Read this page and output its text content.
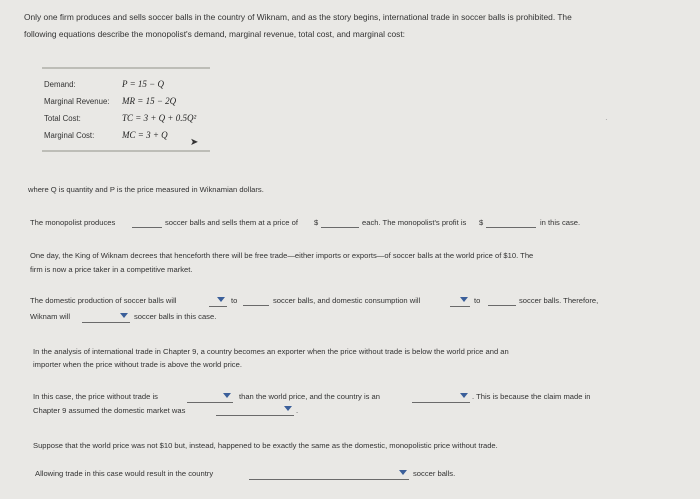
Only one firm produces and sells soccer balls in the country of Wiknam, and as the story begins, international trade in soccer balls is prohibited. The
following equations describe the monopolist's demand, marginal revenue, total cost, and marginal cost:
Demand:	P = 15 − Q
Marginal Revenue: MR = 15 − 2Q
Total Cost:	TC = 3 + Q + 0.5Q²
Marginal Cost:	MC = 3 + Q
➤
where Q is quantity and P is the price measured in Wiknamian dollars.
The monopolist produces	soccer balls and sells them at a price of $	each. The monopolist's profit is $	in this case.
One day, the King of Wiknam decrees that henceforth there will be free trade—either imports or exports—of soccer balls at the world price of $10. The
firm is now a price taker in a competitive market.
The domestic production of soccer balls will	to	soccer balls, and domestic consumption will	to	soccer balls. Therefore,
Wiknam will	soccer balls in this case.
In the analysis of international trade in Chapter 9, a country becomes an exporter when the price without trade is below the world price and an
importer when the price without trade is above the world price.
In this case, the price without trade is	than the world price, and the country is an	. This is because the claim made in
Chapter 9 assumed the domestic market was	.
Suppose that the world price was not $10 but, instead, happened to be exactly the same as the domestic, monopolistic price without trade.
Allowing trade in this case would result in the country	soccer balls.
·
